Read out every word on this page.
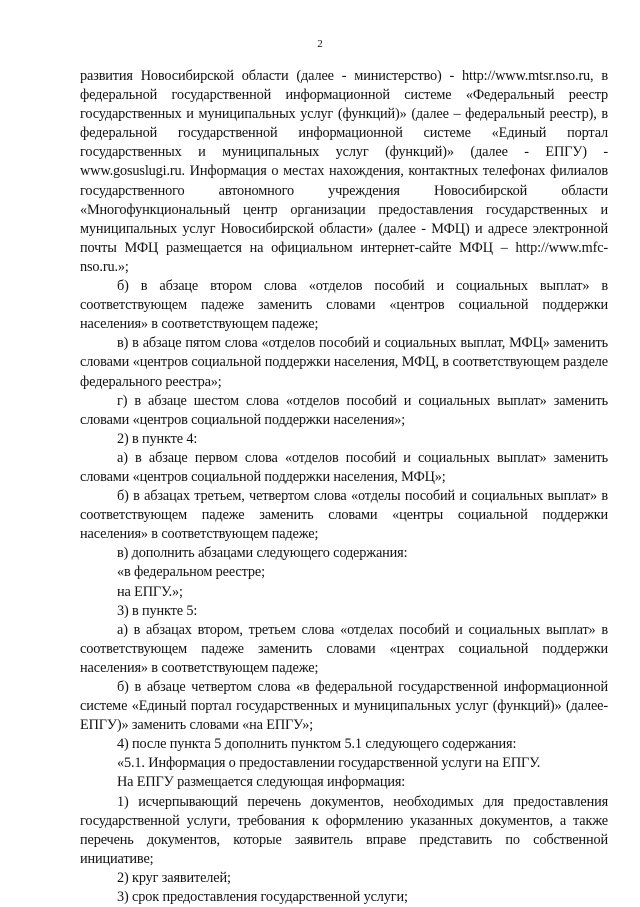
2

развития Новосибирской области (далее - министерство) - http://www.mtsr.nso.ru, в федеральной государственной информационной системе «Федеральный реестр государственных и муниципальных услуг (функций)» (далее – федеральный реестр), в федеральной государственной информационной системе «Единый портал государственных и муниципальных услуг (функций)» (далее - ЕПГУ) - www.gosuslugi.ru. Информация о местах нахождения, контактных телефонах филиалов государственного автономного учреждения Новосибирской области «Многофункциональный центр организации предоставления государственных и муниципальных услуг Новосибирской области» (далее - МФЦ) и адресе электронной почты МФЦ размещается на официальном интернет-сайте МФЦ – http://www.mfc-nso.ru.»;

б) в абзаце втором слова «отделов пособий и социальных выплат» в соответствующем падеже заменить словами «центров социальной поддержки населения» в соответствующем падеже;

в) в абзаце пятом слова «отделов пособий и социальных выплат, МФЦ» заменить словами «центров социальной поддержки населения, МФЦ, в соответствующем разделе федерального реестра»;

г) в абзаце шестом слова «отделов пособий и социальных выплат» заменить словами «центров социальной поддержки населения»;

2) в пункте 4:

а) в абзаце первом слова «отделов пособий и социальных выплат» заменить словами «центров социальной поддержки населения, МФЦ»;

б) в абзацах третьем, четвертом слова «отделы пособий и социальных выплат» в соответствующем падеже заменить словами «центры социальной поддержки населения» в соответствующем падеже;

в) дополнить абзацами следующего содержания:

«в федеральном реестре;

на ЕПГУ.»;

3) в пункте 5:

а) в абзацах втором, третьем слова «отделах пособий и социальных выплат» в соответствующем падеже заменить словами «центрах социальной поддержки населения» в соответствующем падеже;

б) в абзаце четвертом слова «в федеральной государственной информационной системе «Единый портал государственных и муниципальных услуг (функций)» (далее-ЕПГУ)» заменить словами «на ЕПГУ»;

4) после пункта 5 дополнить пунктом 5.1 следующего содержания:

«5.1. Информация о предоставлении государственной услуги на ЕПГУ.

На ЕПГУ размещается следующая информация:

1) исчерпывающий перечень документов, необходимых для предоставления государственной услуги, требования к оформлению указанных документов, а также перечень документов, которые заявитель вправе представить по собственной инициативе;

2) круг заявителей;

3) срок предоставления государственной услуги;
